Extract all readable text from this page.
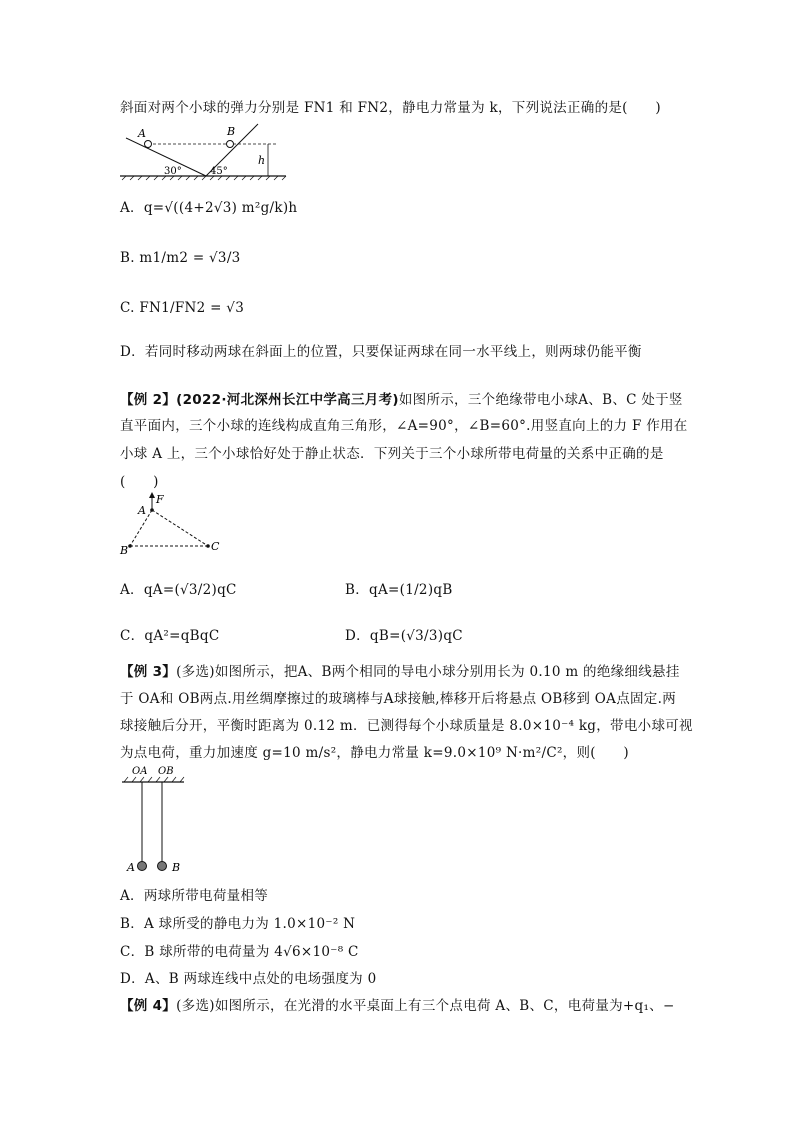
斜面对两个小球的弹力分别是 FN1 和 FN2，静电力常量为 k，下列说法正确的是(　　)
A	B
h
30°	45°
A．q=√((4+2√3) m²g/k)h
B. m1/m2 = √3/3
C. FN1/FN2 = √3
D．若同时移动两球在斜面上的位置，只要保证两球在同一水平线上，则两球仍能平衡
【例 2】(2022·河北深州长江中学高三月考)如图所示，三个绝缘带电小球A、B、C 处于竖
直平面内，三个小球的连线构成直角三角形，∠A=90°，∠B=60°.用竖直向上的力 F 作用在
小球 A 上，三个小球恰好处于静止状态．下列关于三个小球所带电荷量的关系中正确的是
(　　)
F
A
B	C
A．qA=(√3/2)qC	B．qA=(1/2)qB
C．qA²=qBqC	D．qB=(√3/3)qC
【例 3】(多选)如图所示，把A、B两个相同的导电小球分别用长为 0.10 m 的绝缘细线悬挂
于 OA和 OB两点.用丝绸摩擦过的玻璃棒与A球接触,棒移开后将悬点 OB移到 OA点固定.两
球接触后分开，平衡时距离为 0.12 m．已测得每个小球质量是 8.0×10⁻⁴ kg，带电小球可视
为点电荷，重力加速度 g=10 m/s²，静电力常量 k=9.0×10⁹ N·m²/C²，则(　　)
OA OB
A	B
A．两球所带电荷量相等
B．A 球所受的静电力为 1.0×10⁻² N
C．B 球所带的电荷量为 4√6×10⁻⁸ C
D．A、B 两球连线中点处的电场强度为 0
【例 4】(多选)如图所示，在光滑的水平桌面上有三个点电荷 A、B、C，电荷量为+q₁、−
